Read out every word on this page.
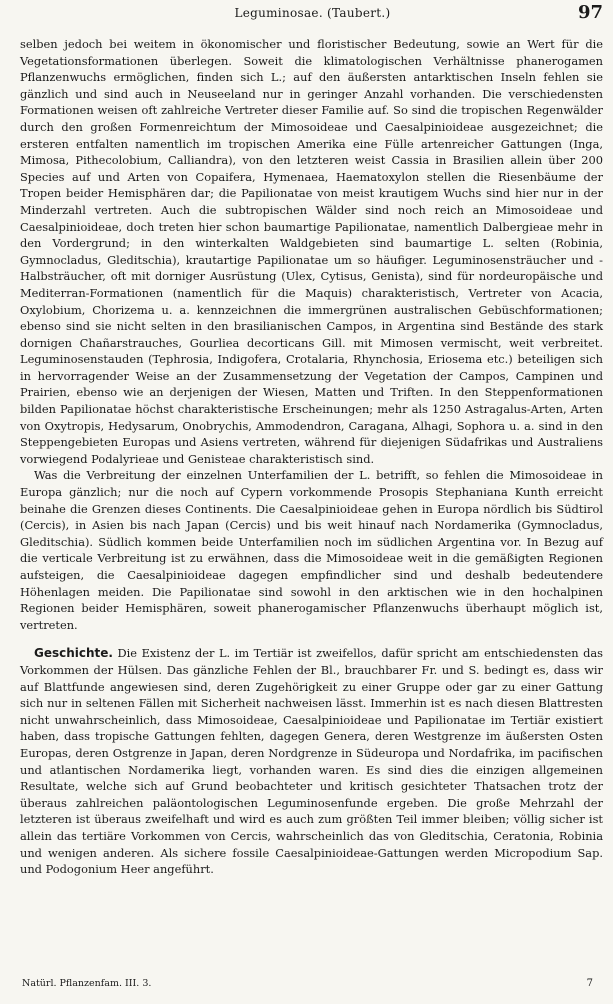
Leguminosae. (Taubert.)	97

selben jedoch bei weitem in ökonomischer und floristischer Bedeutung, sowie an Wert für die Vegetationsformationen überlegen. Soweit die klimatologischen Verhältnisse phanerogamen Pflanzenwuchs ermöglichen, finden sich L.; auf den äußersten antarktischen Inseln fehlen sie gänzlich und sind auch in Neuseeland nur in geringer Anzahl vorhanden. Die verschiedensten Formationen weisen oft zahlreiche Vertreter dieser Familie auf. So sind die tropischen Regenwälder durch den großen Formenreichtum der Mimosoideae und Caesalpinioideae ausgezeichnet; die ersteren entfalten namentlich im tropischen Amerika eine Fülle artenreicher Gattungen (Inga, Mimosa, Pithecolobium, Calliandra), von den letzteren weist Cassia in Brasilien allein über 200 Species auf und Arten von Copaifera, Hymenaea, Haematoxylon stellen die Riesenbäume der Tropen beider Hemisphären dar; die Papilionatae von meist krautigem Wuchs sind hier nur in der Minderzahl vertreten. Auch die subtropischen Wälder sind noch reich an Mimosoideae und Caesalpinioideae, doch treten hier schon baumartige Papilionatae, namentlich Dalbergieae mehr in den Vordergrund; in den winterkalten Waldgebieten sind baumartige L. selten (Robinia, Gymnocladus, Gleditschia), krautartige Papilionatae um so häufiger. Leguminosensträucher und -Halbsträucher, oft mit dorniger Ausrüstung (Ulex, Cytisus, Genista), sind für nordeuropäische und Mediterran-Formationen (namentlich für die Maquis) charakteristisch, Vertreter von Acacia, Oxylobium, Chorizema u. a. kennzeichnen die immergrünen australischen Gebüschformationen; ebenso sind sie nicht selten in den brasilianischen Campos, in Argentina sind Bestände des stark dornigen Chañarstrauches, Gourliea decorticans Gill. mit Mimosen vermischt, weit verbreitet. Leguminosenstauden (Tephrosia, Indigofera, Crotalaria, Rhynchosia, Eriosema etc.) beteiligen sich in hervorragender Weise an der Zusammensetzung der Vegetation der Campos, Campinen und Prairien, ebenso wie an derjenigen der Wiesen, Matten und Triften. In den Steppenformationen bilden Papilionatae höchst charakteristische Erscheinungen; mehr als 1250 Astragalus-Arten, Arten von Oxytropis, Hedysarum, Onobrychis, Ammodendron, Caragana, Alhagi, Sophora u. a. sind in den Steppengebieten Europas und Asiens vertreten, während für diejenigen Südafrikas und Australiens vorwiegend Podalyrieae und Genisteae charakteristisch sind.

Was die Verbreitung der einzelnen Unterfamilien der L. betrifft, so fehlen die Mimosoideae in Europa gänzlich; nur die noch auf Cypern vorkommende Prosopis Stephaniana Kunth erreicht beinahe die Grenzen dieses Continents. Die Caesalpinioideae gehen in Europa nördlich bis Südtirol (Cercis), in Asien bis nach Japan (Cercis) und bis weit hinauf nach Nordamerika (Gymnocladus, Gleditschia). Südlich kommen beide Unterfamilien noch im südlichen Argentina vor. In Bezug auf die verticale Verbreitung ist zu erwähnen, dass die Mimosoideae weit in die gemäßigten Regionen aufsteigen, die Caesalpinioideae dagegen empfindlicher sind und deshalb bedeutendere Höhenlagen meiden. Die Papilionatae sind sowohl in den arktischen wie in den hochalpinen Regionen beider Hemisphären, soweit phanerogamischer Pflanzenwuchs überhaupt möglich ist, vertreten.

Geschichte. Die Existenz der L. im Tertiär ist zweifellos, dafür spricht am entschiedensten das Vorkommen der Hülsen. Das gänzliche Fehlen der Bl., brauchbarer Fr. und S. bedingt es, dass wir auf Blattfunde angewiesen sind, deren Zugehörigkeit zu einer Gruppe oder gar zu einer Gattung sich nur in seltenen Fällen mit Sicherheit nachweisen lässt. Immerhin ist es nach diesen Blattresten nicht unwahrscheinlich, dass Mimosoideae, Caesalpinioideae und Papilionatae im Tertiär existiert haben, dass tropische Gattungen fehlten, dagegen Genera, deren Westgrenze im äußersten Osten Europas, deren Ostgrenze in Japan, deren Nordgrenze in Südeuropa und Nordafrika, im pacifischen und atlantischen Nordamerika liegt, vorhanden waren. Es sind dies die einzigen allgemeinen Resultate, welche sich auf Grund beobachteter und kritisch gesichteter Thatsachen trotz der überaus zahlreichen paläontologischen Leguminosenfunde ergeben. Die große Mehrzahl der letzteren ist überaus zweifelhaft und wird es auch zum größten Teil immer bleiben; völlig sicher ist allein das tertiäre Vorkommen von Cercis, wahrscheinlich das von Gleditschia, Ceratonia, Robinia und wenigen anderen. Als sichere fossile Caesalpinioideae-Gattungen werden Micropodium Sap. und Podogonium Heer angeführt.

Natürl. Pflanzenfam. III. 3.	7
